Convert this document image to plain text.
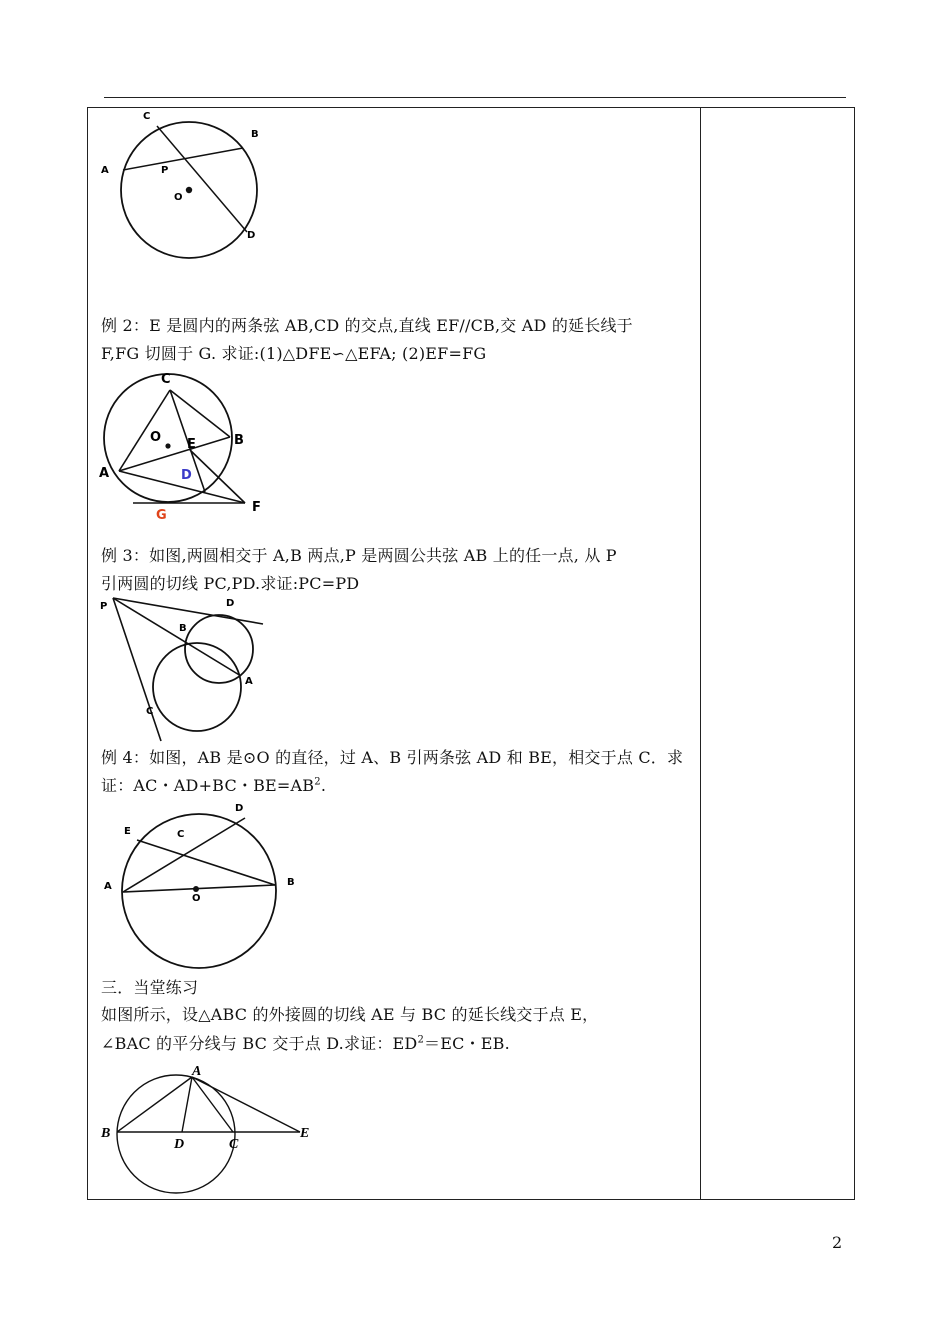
C
B
A	P
O
D
例 2：E 是圆内的两条弦 AB,CD 的交点,直线 EF//CB,交 AD 的延长线于
F,FG 切圆于 G. 求证:(1)△DFE∽△EFA; (2)EF=FG
C
O E	B
A	D
F
G
例 3：如图,两圆相交于 A,B 两点,P 是两圆公共弦 AB 上的任一点, 从 P
引两圆的切线 PC,PD.求证:PC=PD
P	D
B
A
C
例 4：如图，AB 是⊙O 的直径，过 A、B 引两条弦 AD 和 BE，相交于点 C．求
证：AC・AD+BC・$BE=AB^2$.
D
E	C
A	B
O
三．当堂练习
如图所示，设△ABC 的外接圆的切线 AE 与 BC 的延长线交于点 E，
∠BAC 的平分线与 BC 交于点 D.求证：$ED^2=EC$・EB.
A
B
D	C
E
2
